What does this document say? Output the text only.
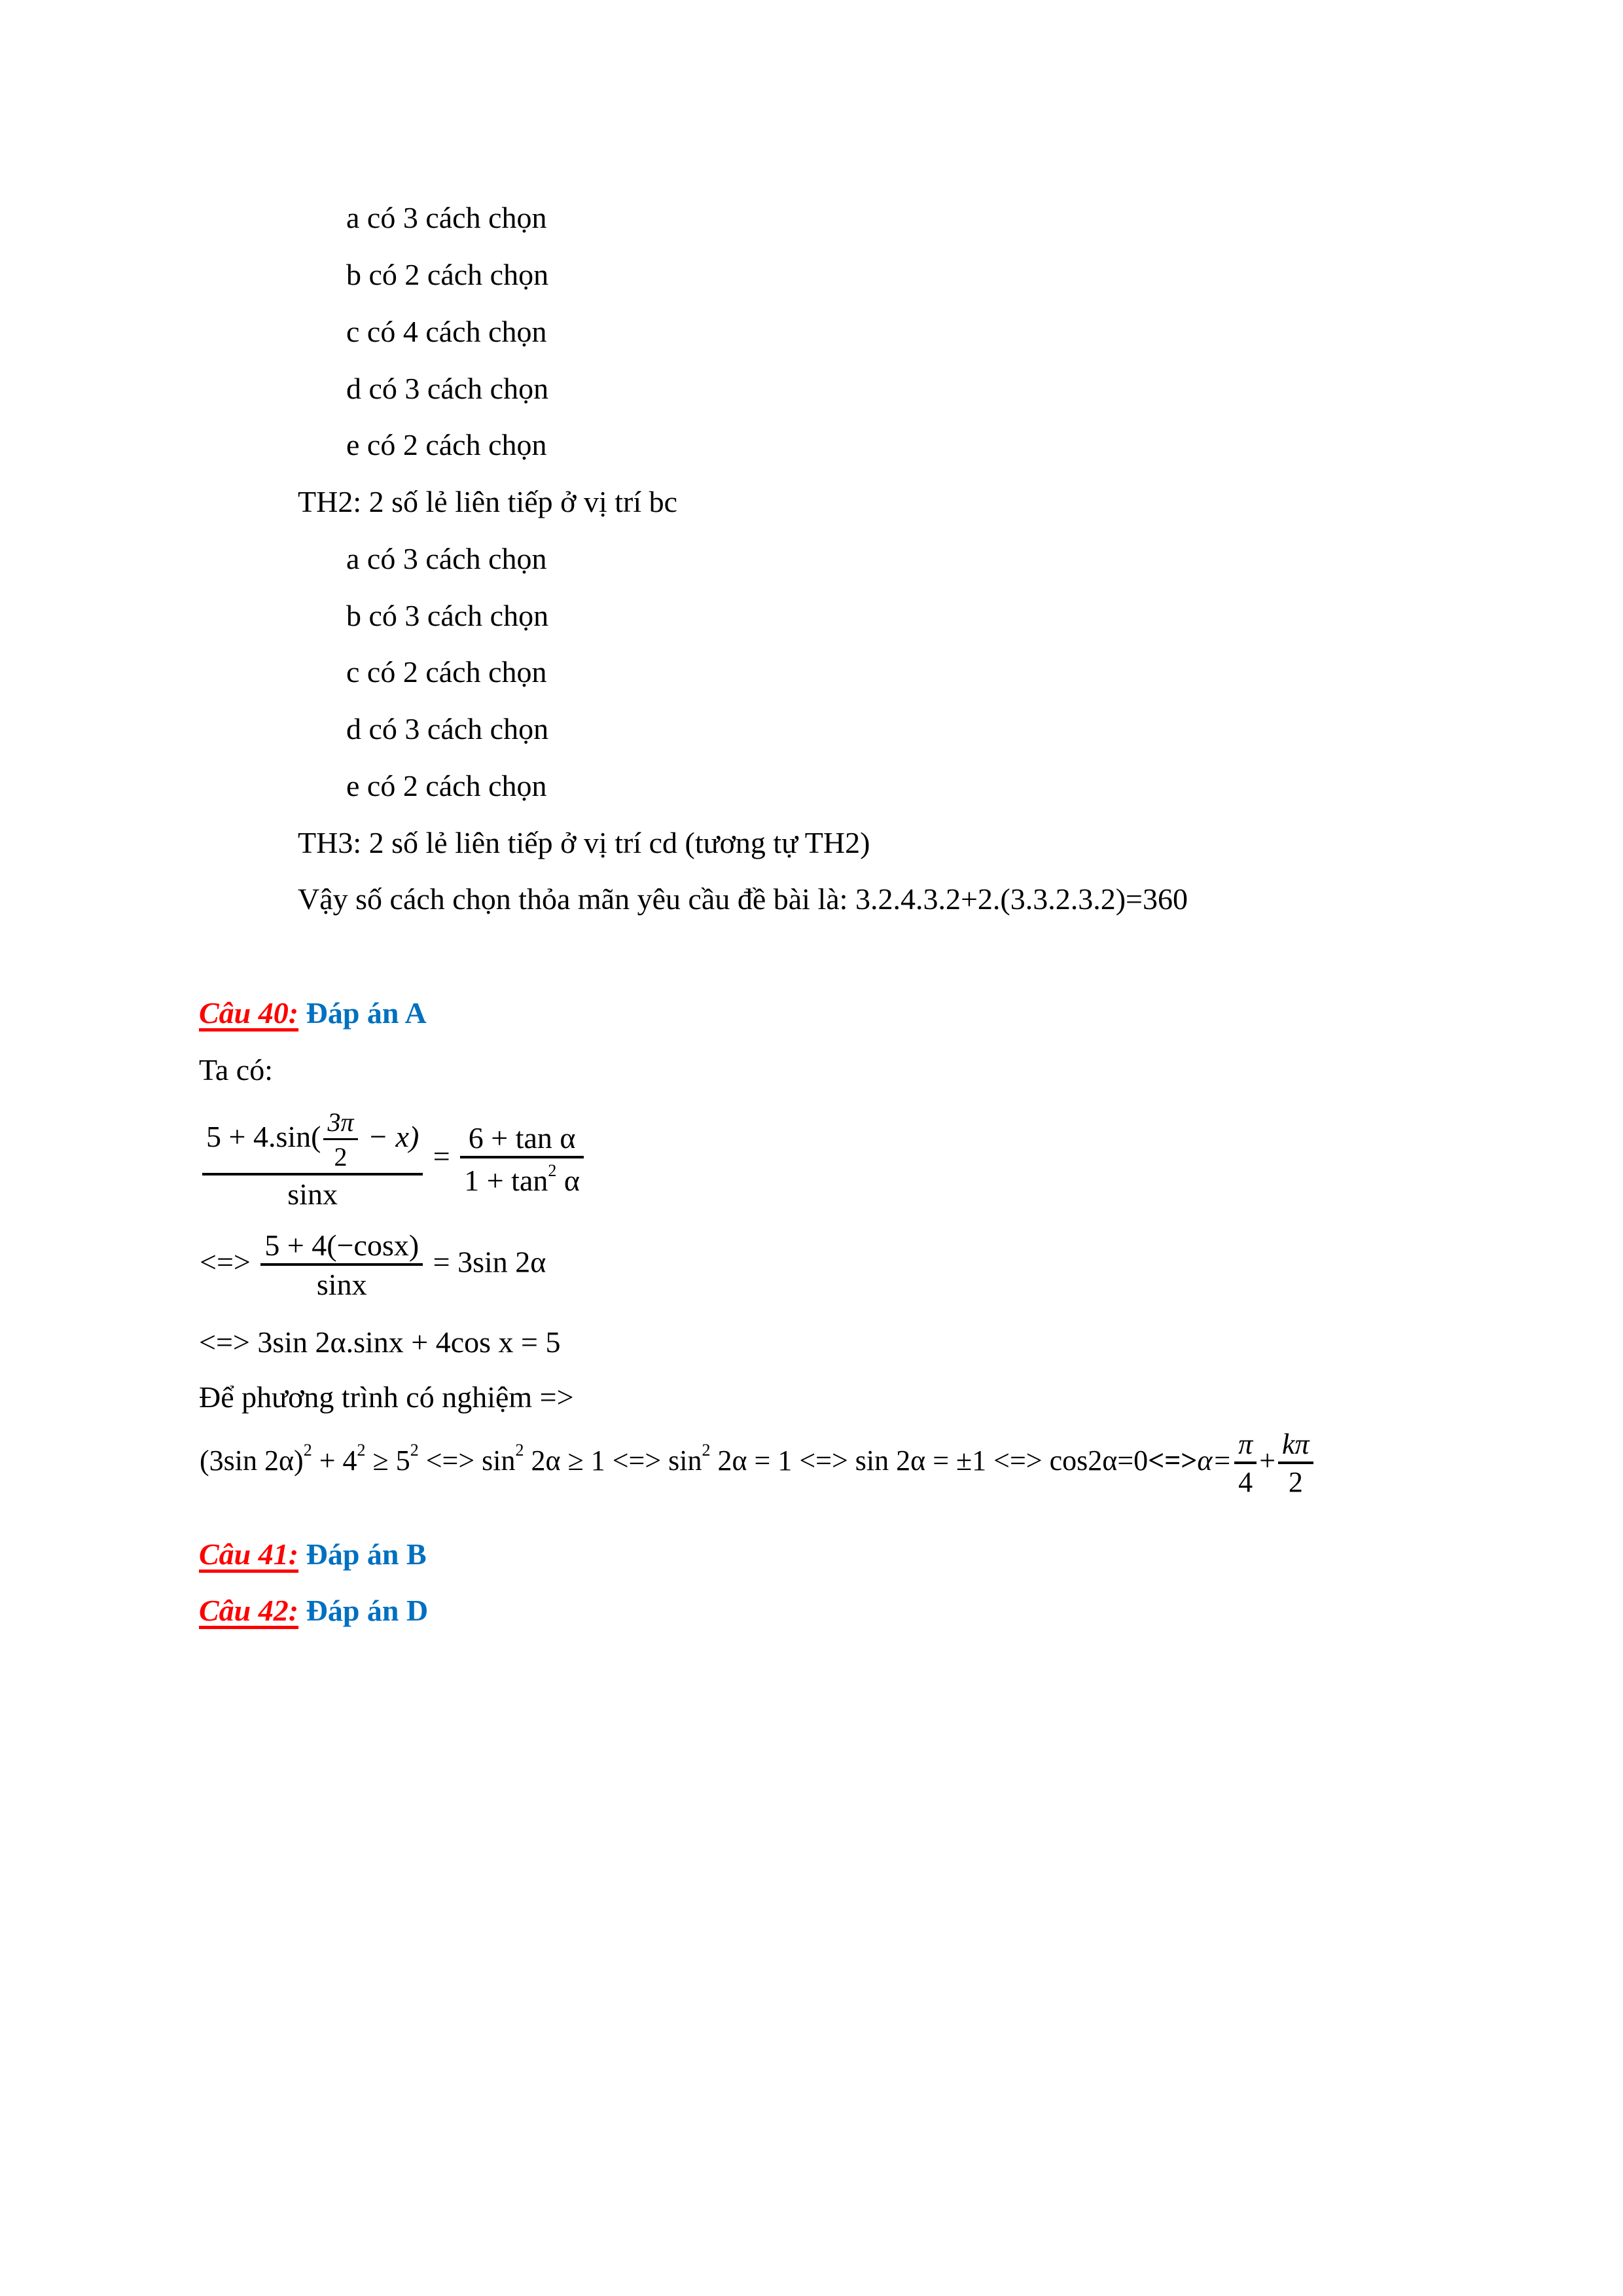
a có 3 cách chọn
b có 2 cách chọn
c có 4 cách chọn
d có 3 cách chọn
e có 2 cách chọn
TH2: 2 số lẻ liên tiếp ở vị trí bc
a có 3 cách chọn
b có 3 cách chọn
c có 2 cách chọn
d có 3 cách chọn
e có 2 cách chọn
TH3: 2 số lẻ liên tiếp ở vị trí cd (tương tự TH2)
Vậy số cách chọn thỏa mãn yêu cầu đề bài là: 3.2.4.3.2+2.(3.3.2.3.2)=360
Câu 40: Đáp án A
Ta có:
$\frac{5 + 4.\sin( \frac{3\pi}{2} - x)}{\sin x} = \frac{\text{6 + tan α}}{1 + \tan^2 \alpha}$
<=> $\frac{5 + 4(-\cos x)}{\sin x} = 3\sin$ 2α
<=> 3sin 2α.sinx + 4cos x = 5
Để phương trình có nghiệm =>
(3sin $2\alpha)^2 + 4^2 \ge 5^2$ <=> $\sin^2 2\alpha \ge 1$ <=> $\sin^2 2\alpha = 1$ <=> sin 2α = ±1 <=> $\cos 2\alpha=0<=>\alpha= \frac{\pi}{4} + \frac{k\pi}{2}$
Câu 41: Đáp án B
Câu 42: Đáp án D
